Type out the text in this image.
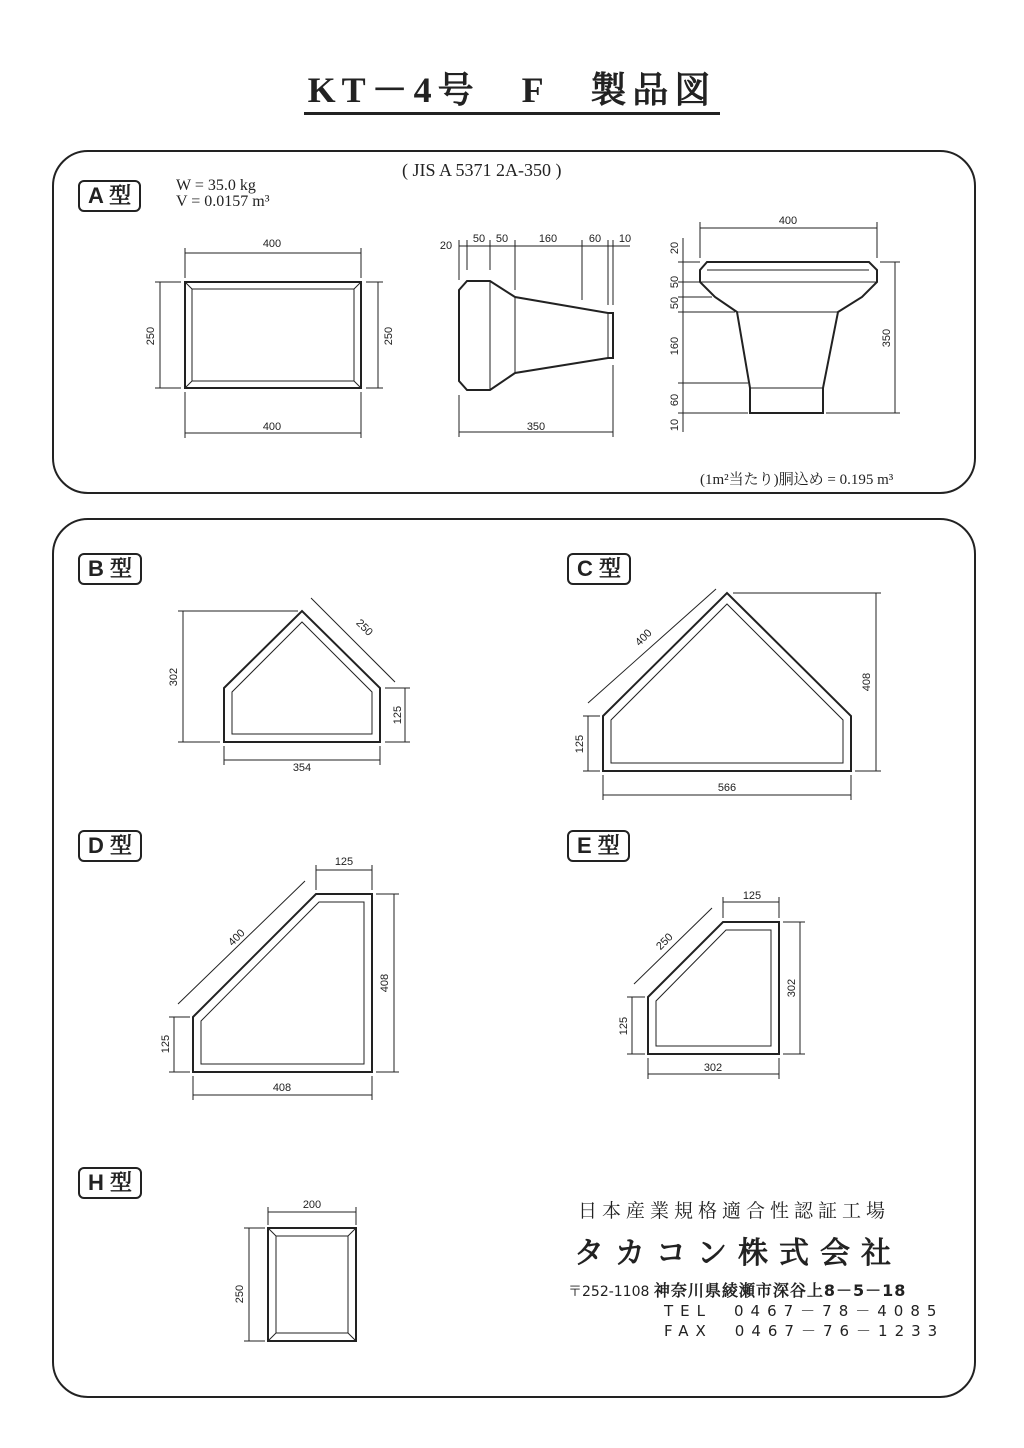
KT－4号　F　製品図
A 型
( JIS A 5371 2A-350 )
W = 35.0 kg
V = 0.0157 m³
(1m²当たり)胴込め = 0.195 m³
400
400
250	250
20
50 50	160	60 10
350
400
20
50
50
160
60
10
350
302
250
125
354
400
408
125
566
125
400
408
125
408
125
250
302
125
302
200
250
B 型	C 型
D 型	E 型
H 型
日本産業規格適合性認証工場
タカコン株式会社
〒252-1108 神奈川県綾瀬市深谷上8－5－18
TEL　0467－78－4085
FAX　0467－76－1233
